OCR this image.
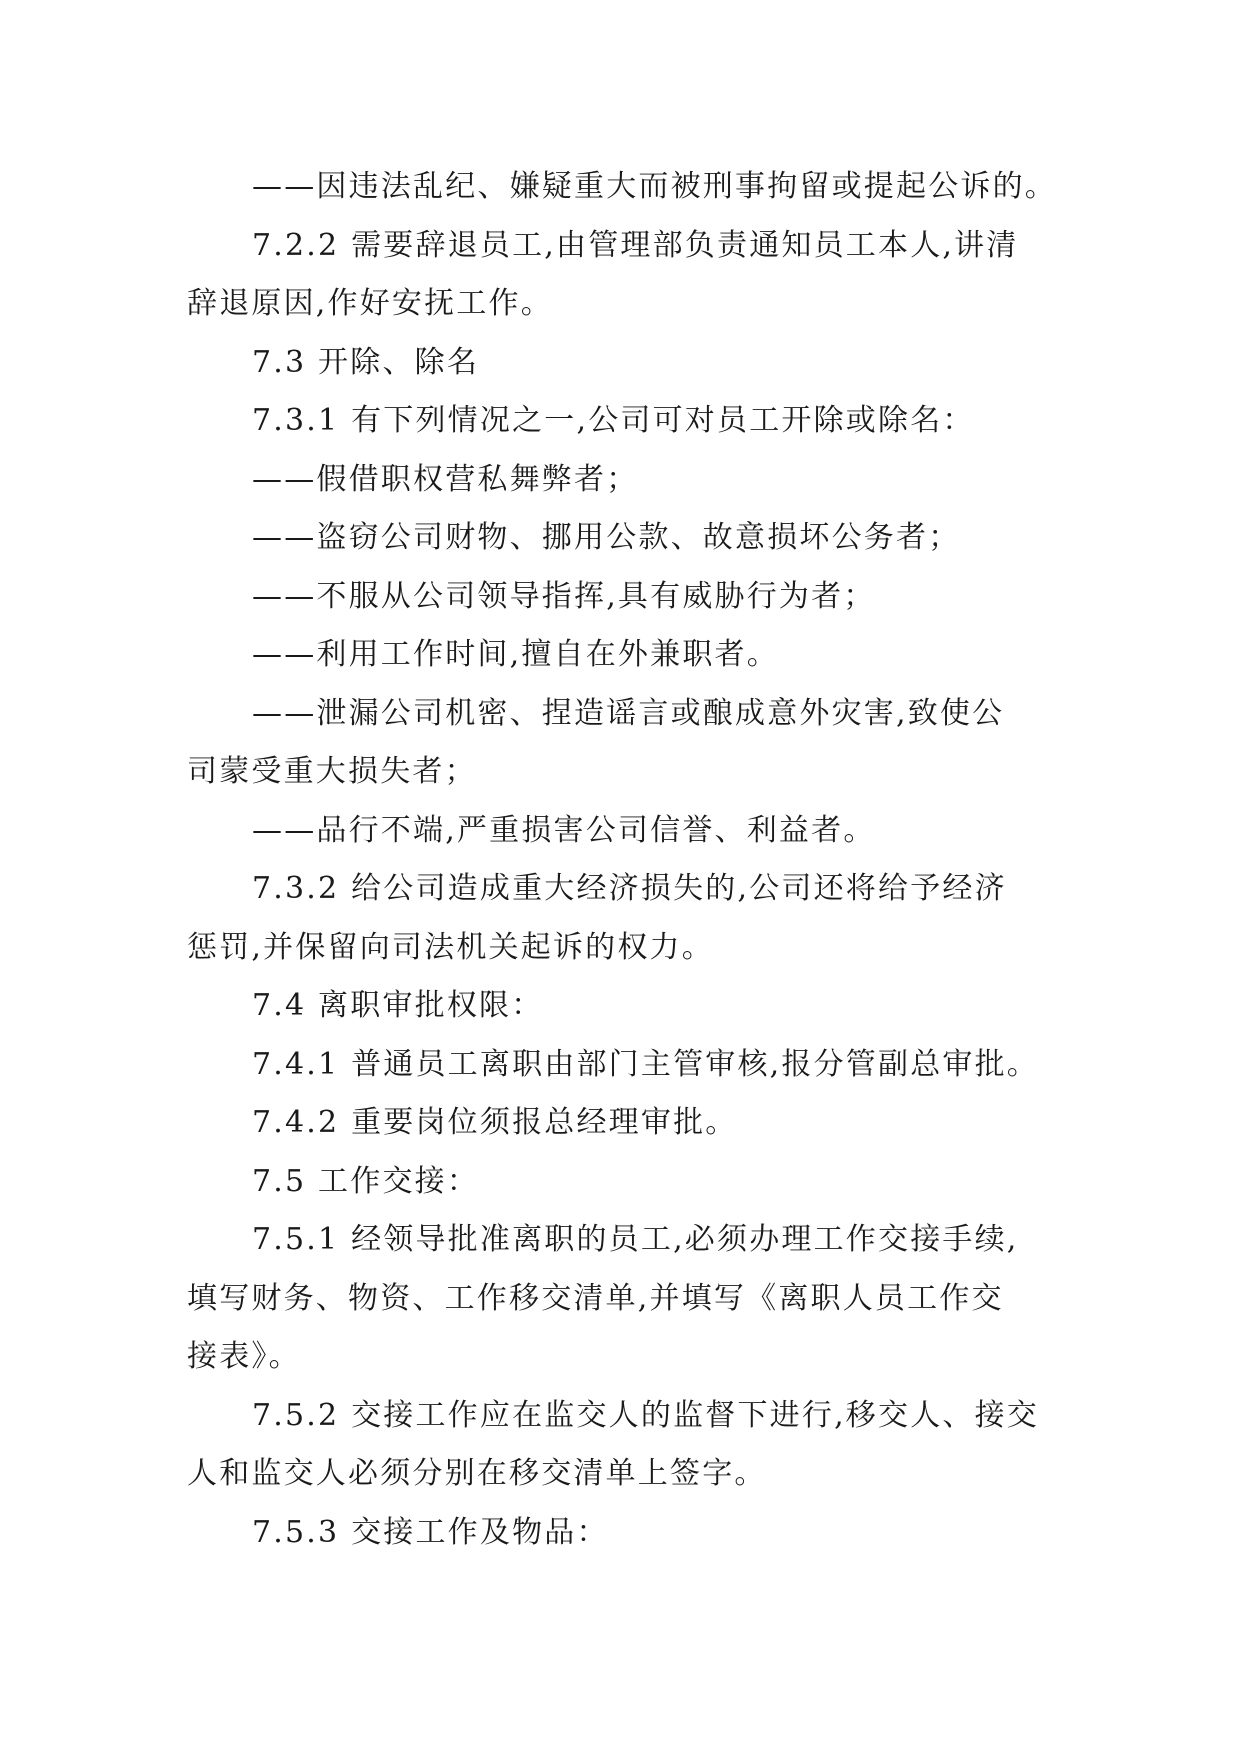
——因违法乱纪、嫌疑重大而被刑事拘留或提起公诉的。

7.2.2 需要辞退员工,由管理部负责通知员工本人,讲清

辞退原因,作好安抚工作。

7.3 开除、除名

7.3.1 有下列情况之一,公司可对员工开除或除名：

——假借职权营私舞弊者；

——盗窃公司财物、挪用公款、故意损坏公务者；

——不服从公司领导指挥,具有威胁行为者；

——利用工作时间,擅自在外兼职者。

——泄漏公司机密、捏造谣言或酿成意外灾害,致使公

司蒙受重大损失者；

——品行不端,严重损害公司信誉、利益者。

7.3.2 给公司造成重大经济损失的,公司还将给予经济

惩罚,并保留向司法机关起诉的权力。

7.4 离职审批权限：

7.4.1 普通员工离职由部门主管审核,报分管副总审批。

7.4.2 重要岗位须报总经理审批。

7.5 工作交接：

7.5.1 经领导批准离职的员工,必须办理工作交接手续,

填写财务、物资、工作移交清单,并填写《离职人员工作交

接表》。

7.5.2 交接工作应在监交人的监督下进行,移交人、接交

人和监交人必须分别在移交清单上签字。

7.5.3 交接工作及物品：
